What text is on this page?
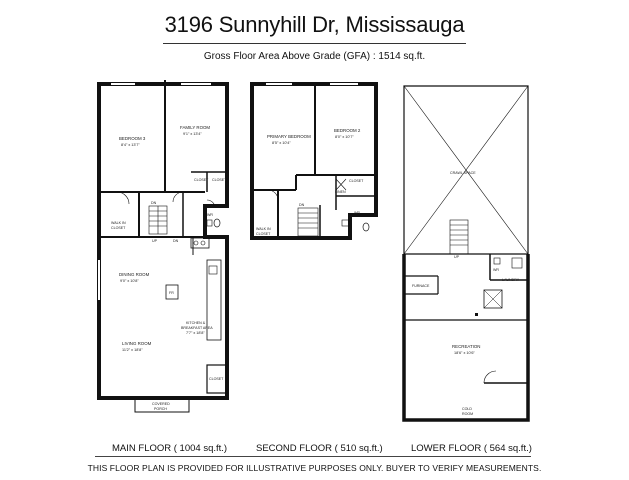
3196 Sunnyhill Dr, Mississauga
Gross Floor Area Above Grade (GFA) : 1514 sq.ft.
BEDROOM 3
8'4" x 13'7"
FAMILY ROOM
9'1" x 13'4"
CLOSET CLOSET
DN
WR
WALK IN
CLOSET
UP	DN
DINING ROOM
9'0" x 10'8"
FR
KITCHEN &
BREAKFAST AREA
7'7" x 18'8"
LIVING ROOM
11'2" x 18'8"
CLOSET
COVERED
PORCH
PRIMARY BEDROOM
8'5" x 10'4"
BEDROOM 2
8'0" x 10'7"
CLOSET
LINEN
DN
WR
WALK IN
CLOSET
CRAWL SPACE
UP
WR
LAUNDRY
FURNACE
RECREATION
18'6" x 10'6"
COLD
ROOM
MAIN FLOOR ( 1004 sq.ft.)	SECOND FLOOR ( 510 sq.ft.)	LOWER FLOOR ( 564 sq.ft.)
THIS FLOOR PLAN IS PROVIDED FOR ILLUSTRATIVE PURPOSES ONLY. BUYER TO VERIFY MEASUREMENTS.
